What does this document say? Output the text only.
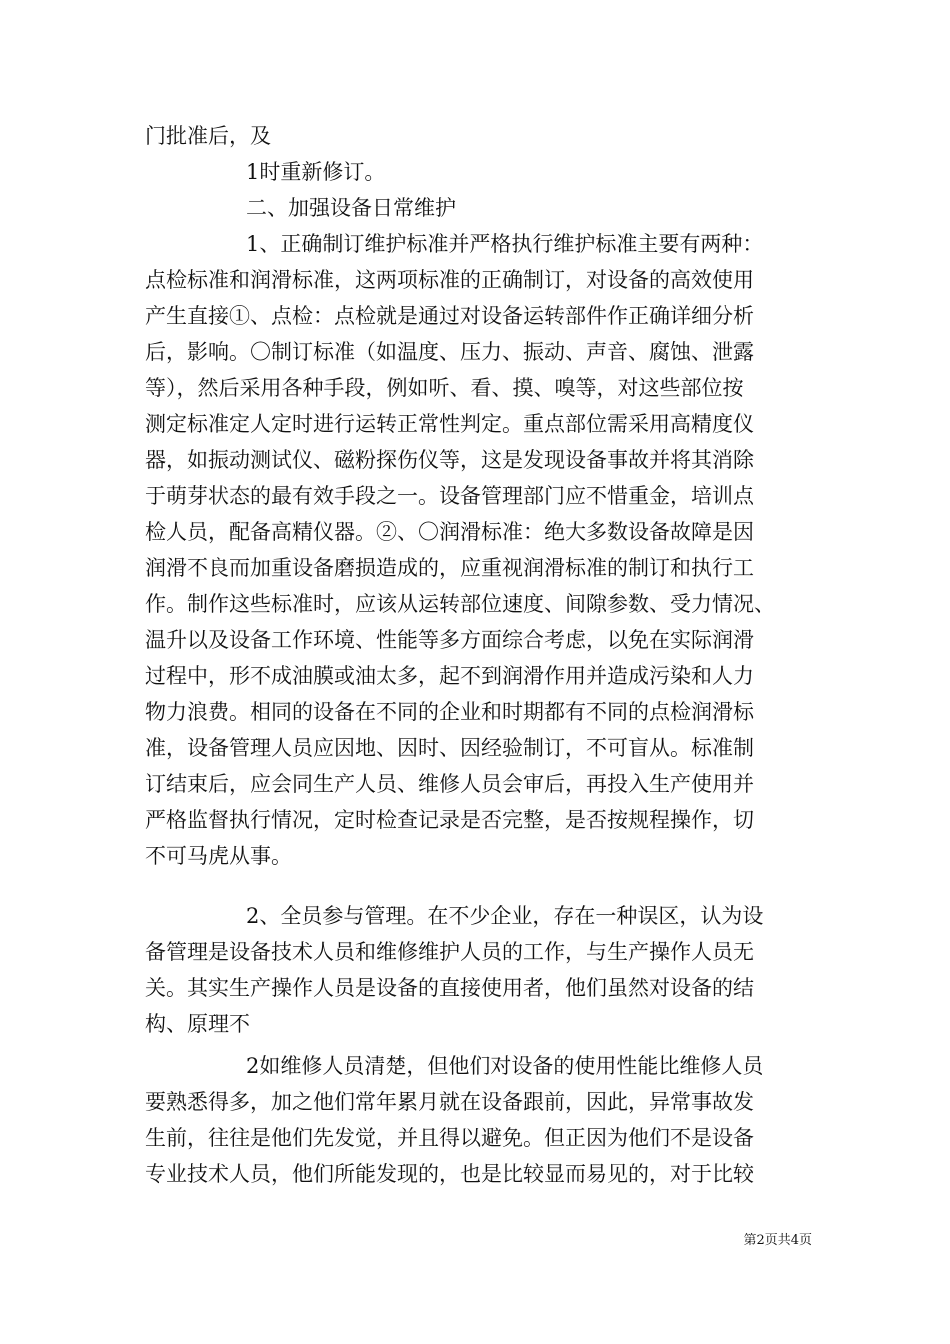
门批准后，及
1时重新修订。
二、加强设备日常维护
1、正确制订维护标准并严格执行维护标准主要有两种：
点检标准和润滑标准，这两项标准的正确制订，对设备的高效使用
产生直接①、点检：点检就是通过对设备运转部件作正确详细分析
后，影响。〇制订标准（如温度、压力、振动、声音、腐蚀、泄露
等），然后采用各种手段，例如听、看、摸、嗅等，对这些部位按
测定标准定人定时进行运转正常性判定。重点部位需采用高精度仪
器，如振动测试仪、磁粉探伤仪等，这是发现设备事故并将其消除
于萌芽状态的最有效手段之一。设备管理部门应不惜重金，培训点
检人员，配备高精仪器。②、〇润滑标准：绝大多数设备故障是因
润滑不良而加重设备磨损造成的，应重视润滑标准的制订和执行工
作。制作这些标准时，应该从运转部位速度、间隙参数、受力情况、
温升以及设备工作环境、性能等多方面综合考虑，以免在实际润滑
过程中，形不成油膜或油太多，起不到润滑作用并造成污染和人力
物力浪费。相同的设备在不同的企业和时期都有不同的点检润滑标
准，设备管理人员应因地、因时、因经验制订，不可盲从。标准制
订结束后，应会同生产人员、维修人员会审后，再投入生产使用并
严格监督执行情况，定时检查记录是否完整，是否按规程操作，切
不可马虎从事。
2、全员参与管理。在不少企业，存在一种误区，认为设
备管理是设备技术人员和维修维护人员的工作，与生产操作人员无
关。其实生产操作人员是设备的直接使用者，他们虽然对设备的结
构、原理不
2如维修人员清楚，但他们对设备的使用性能比维修人员
要熟悉得多，加之他们常年累月就在设备跟前，因此，异常事故发
生前，往往是他们先发觉，并且得以避免。但正因为他们不是设备
专业技术人员，他们所能发现的，也是比较显而易见的，对于比较
第2页共4页
